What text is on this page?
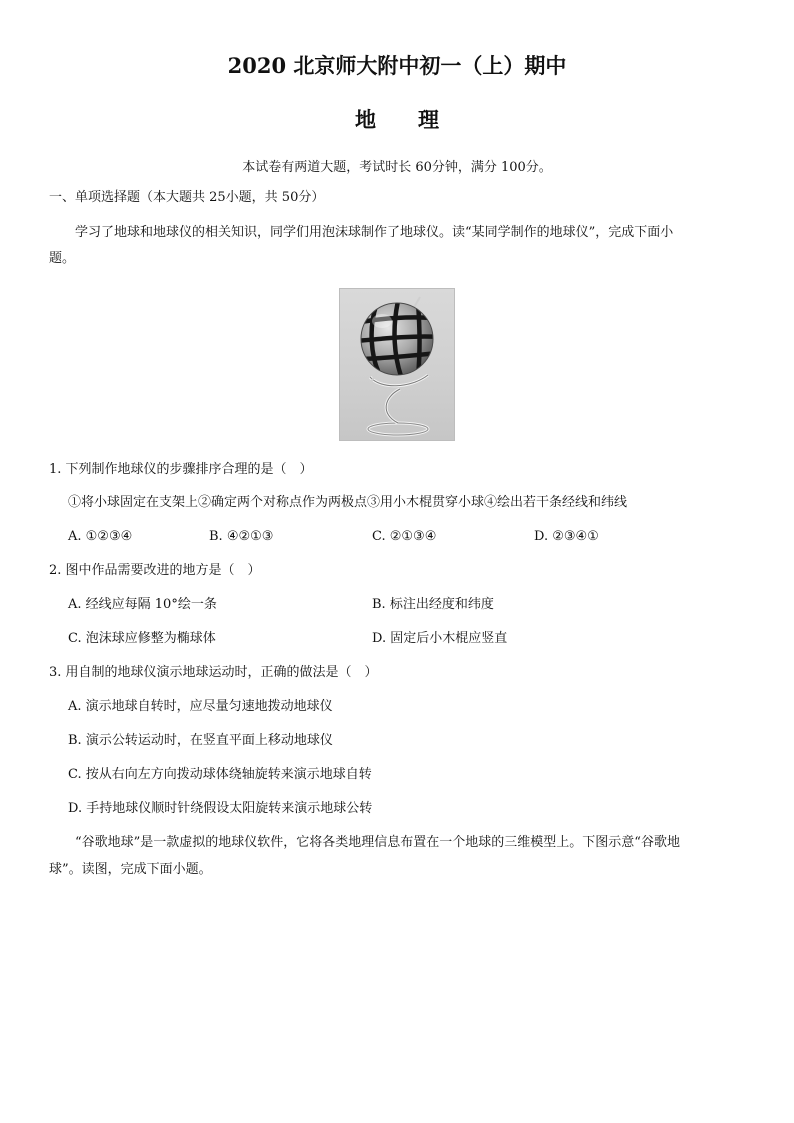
2020 北京师大附中初一（上）期中
地　　理
本试卷有两道大题，考试时长 60分钟，满分 100分。
一、单项选择题（本大题共 25小题，共 50分）
学习了地球和地球仪的相关知识，同学们用泡沫球制作了地球仪。读“某同学制作的地球仪”，完成下面小
题。
1. 下列制作地球仪的步骤排序合理的是（　）
①将小球固定在支架上②确定两个对称点作为两极点③用小木棍贯穿小球④绘出若干条经线和纬线
A. ①②③④	B. ④②①③	C. ②①③④	D. ②③④①
2. 图中作品需要改进的地方是（　）
A. 经线应每隔 10°绘一条	B. 标注出经度和纬度
C. 泡沫球应修整为椭球体	D. 固定后小木棍应竖直
3. 用自制的地球仪演示地球运动时，正确的做法是（　）
A. 演示地球自转时，应尽量匀速地拨动地球仪
B. 演示公转运动时，在竖直平面上移动地球仪
C. 按从右向左方向拨动球体绕轴旋转来演示地球自转
D. 手持地球仪顺时针绕假设太阳旋转来演示地球公转
“谷歌地球”是一款虚拟的地球仪软件，它将各类地理信息布置在一个地球的三维模型上。下图示意“谷歌地
球”。读图，完成下面小题。
